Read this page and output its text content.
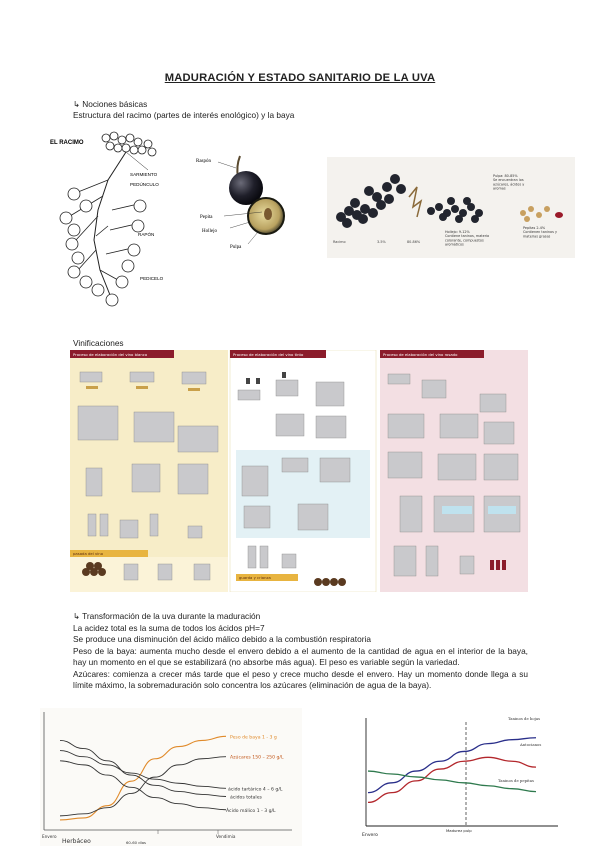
MADURACIÓN Y ESTADO SANITARIO DE LA UVA
↳ Nociones básicas
Estructura del racimo (partes de interés enológico) y la baya
EL RACIMO
SARMIENTO
PEDÚNCULO
RAPÓN
PEDICELO
Raspón
Pepita
Hollejo
Pulpa
Racimo	3-5%	80-86%
Pulpa: 80-85% Se encuentran los azúcares, ácidos y aromas
Hollejo: 9-12% Contiene taninos, materia colorante, compuestos aromáticos
Pepitas 2-4% Contienen taninos y materias grasas
Vinificaciones
Proceso de elaboración del vino blanco	Proceso de elaboración del vino tinto	Proceso de elaboración del vino rosado
pasada del vino
guarda y crianza
↳ Transformación de la uva durante la maduración

La acidez total es la suma de todos los ácidos pH=7

Se produce una disminución del ácido málico debido a la combustión respiratoria

Peso de la baya: aumenta mucho desde el envero debido a el aumento de la cantidad de agua en el interior de la baya, hay un momento en el que se estabilizará (no absorbe más agua). El peso es variable según la variedad.

Azúcares: comienza a crecer más tarde que el peso y crece mucho desde el envero. Hay un momento donde llega a su límite máximo, la sobremaduración solo concentra los azúcares (eliminación de agua de la baya).

Peso de baya 1 - 3 g
Azúcares 150 – 250 g/L
ácido tartárico 4 – 6 g/L
ácidos totales
Ácido málico 1 - 3 g/L
Envero	Vendimia
60-60 días
Herbáceo
Taninos de hojas
Antocianos
Taninos de pepitas
Envero
Madurez pulp
